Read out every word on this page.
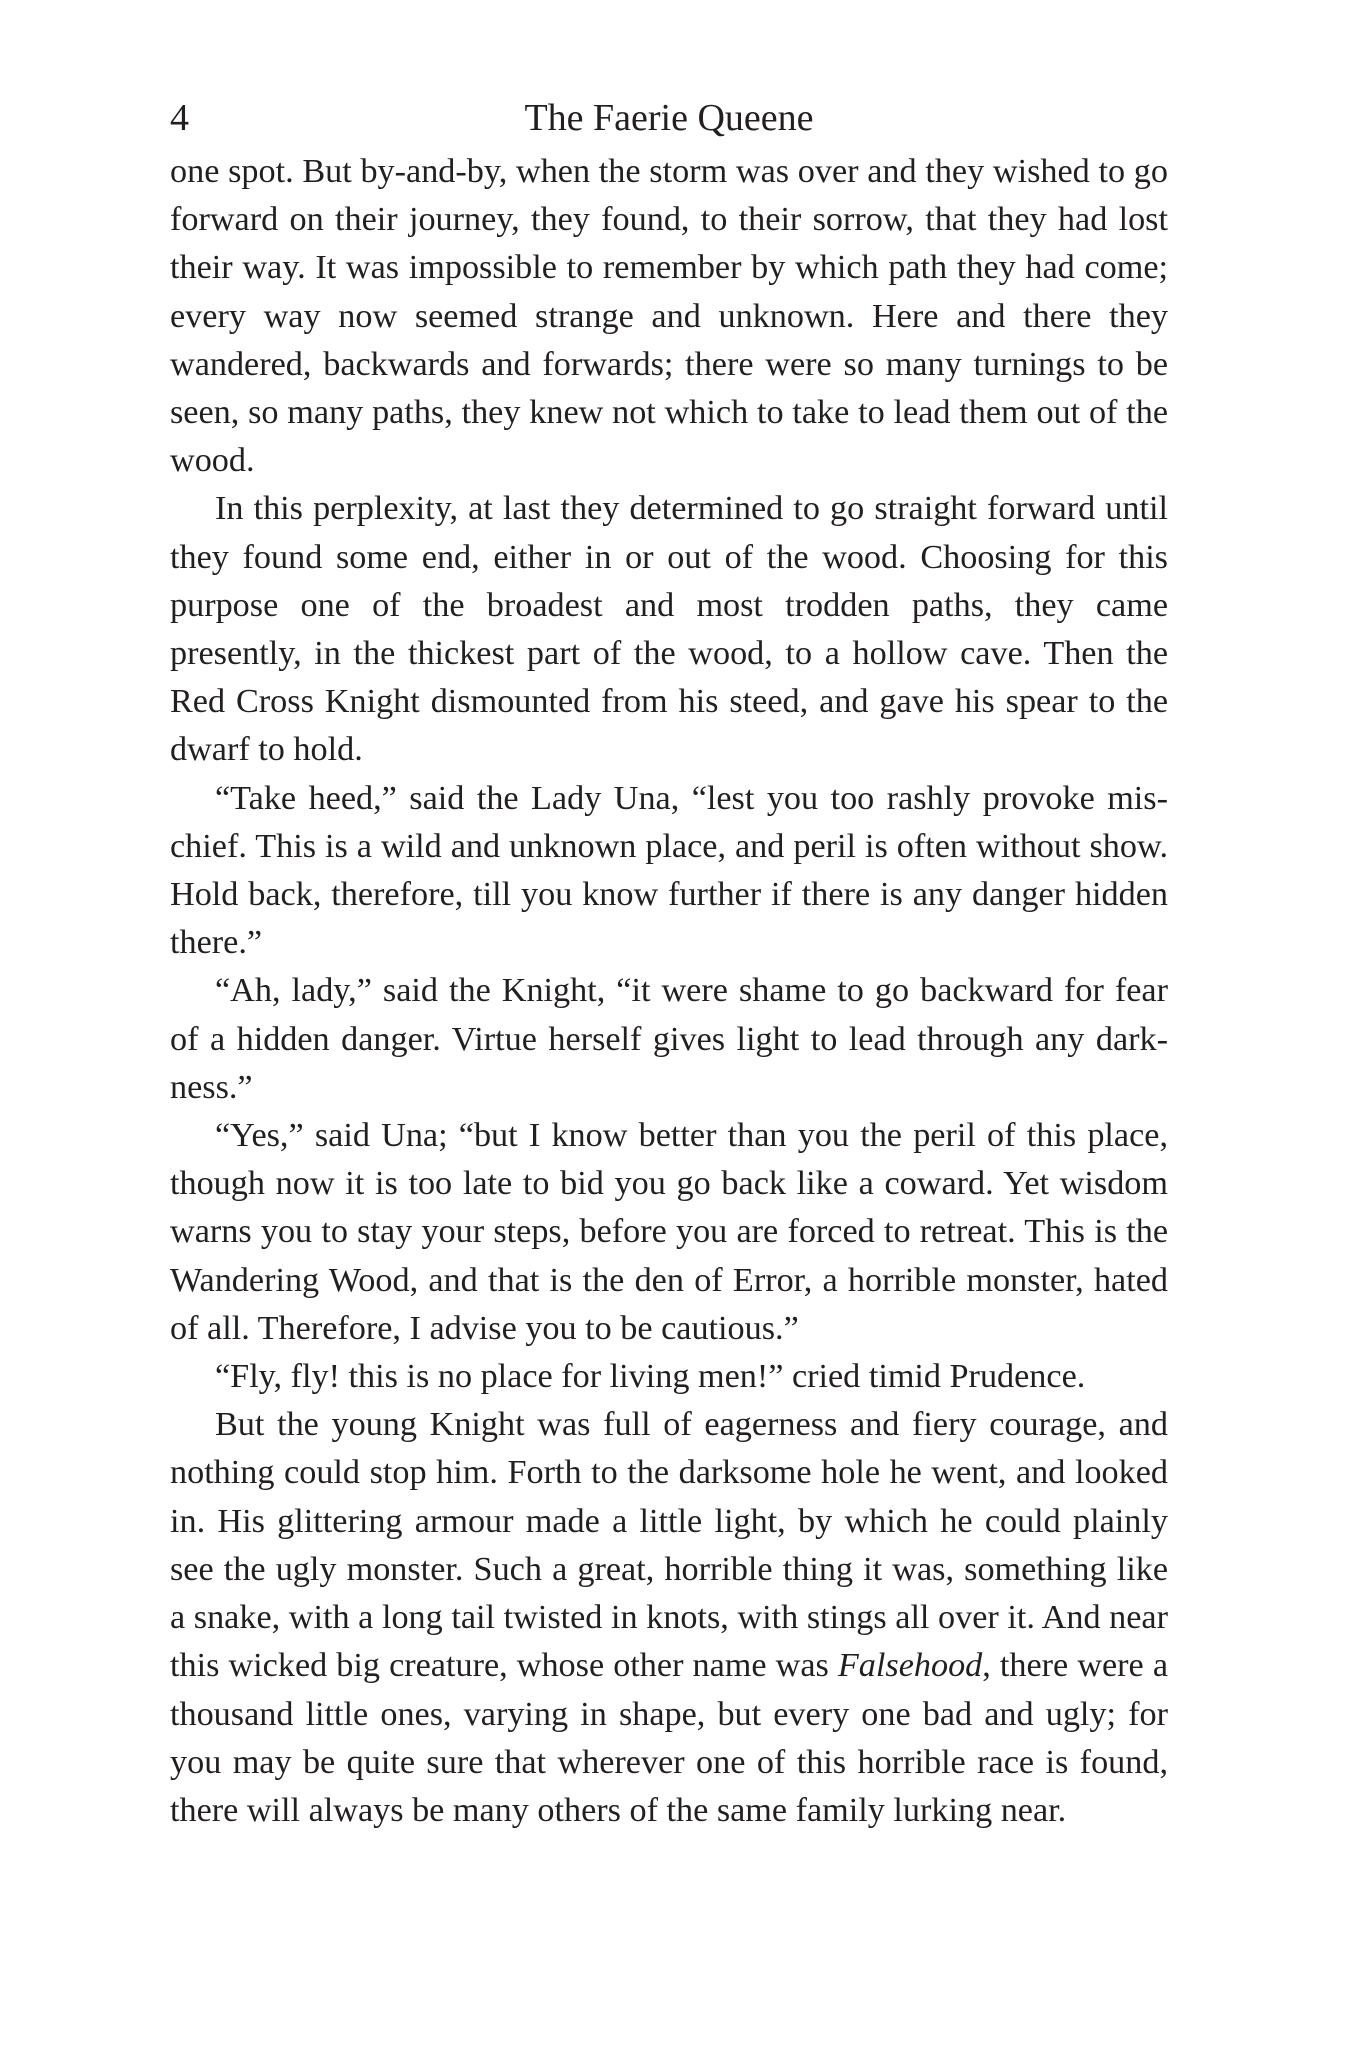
4	The Faerie Queene

one spot. But by-and-by, when the storm was over and they wished to go forward on their journey, they found, to their sorrow, that they had lost their way. It was impossible to remember by which path they had come; every way now seemed strange and unknown. Here and there they wandered, backwards and forwards; there were so many turnings to be seen, so many paths, they knew not which to take to lead them out of the wood.

In this perplexity, at last they determined to go straight forward until they found some end, either in or out of the wood. Choosing for this purpose one of the broadest and most trodden paths, they came presently, in the thickest part of the wood, to a hollow cave. Then the Red Cross Knight dismounted from his steed, and gave his spear to the dwarf to hold.

“Take heed,” said the Lady Una, “lest you too rashly provoke mischief. This is a wild and unknown place, and peril is often without show. Hold back, therefore, till you know further if there is any danger hidden there.”

“Ah, lady,” said the Knight, “it were shame to go backward for fear of a hidden danger. Virtue herself gives light to lead through any darkness.”

“Yes,” said Una; “but I know better than you the peril of this place, though now it is too late to bid you go back like a coward. Yet wisdom warns you to stay your steps, before you are forced to retreat. This is the Wandering Wood, and that is the den of Error, a horrible monster, hated of all. Therefore, I advise you to be cautious.”

“Fly, fly! this is no place for living men!” cried timid Prudence.

But the young Knight was full of eagerness and fiery courage, and nothing could stop him. Forth to the darksome hole he went, and looked in. His glittering armour made a little light, by which he could plainly see the ugly monster. Such a great, horrible thing it was, something like a snake, with a long tail twisted in knots, with stings all over it. And near this wicked big creature, whose other name was Falsehood, there were a thousand little ones, varying in shape, but every one bad and ugly; for you may be quite sure that wherever one of this horrible race is found, there will always be many others of the same family lurking near.
